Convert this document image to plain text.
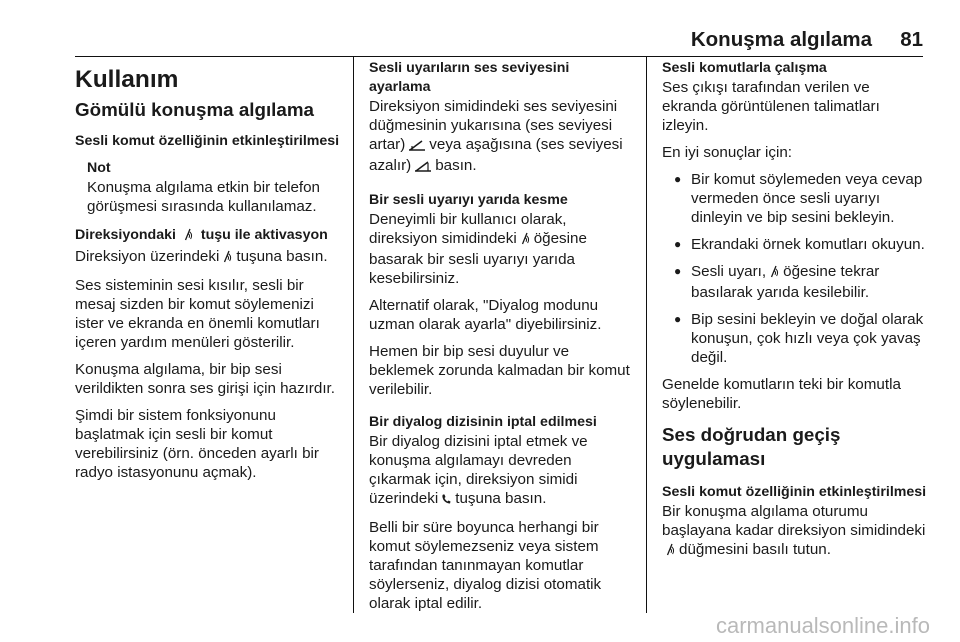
Konuşma algılama 81
Kullanım
Gömülü konuşma algılama
Sesli komut özelliğinin etkinleştirilmesi
Not
Konuşma algılama etkin bir telefon görüşmesi sırasında kullanılamaz.
Direksiyondaki tuşu ile aktivasyon

Direksiyon üzerindeki tuşuna basın.

Ses sisteminin sesi kısılır, sesli bir mesaj sizden bir komut söylemenizi ister ve ekranda en önemli komutları içeren yardım menüleri gösterilir.

Konuşma algılama, bir bip sesi verildikten sonra ses girişi için hazırdır.

Şimdi bir sistem fonksiyonunu başlatmak için sesli bir komut verebilirsiniz (örn. önceden ayarlı bir radyo istasyonunu açmak).

Sesli uyarıların ses seviyesini ayarlama

Direksiyon simidindeki ses seviyesini düğmesinin yukarısına (ses seviyesi artar) veya aşağısına (ses seviyesi azalır) basın.

Bir sesli uyarıyı yarıda kesme

Deneyimli bir kullanıcı olarak, direksiyon simidindeki öğesine basarak bir sesli uyarıyı yarıda kesebilirsiniz.

Alternatif olarak, "Diyalog modunu uzman olarak ayarla" diyebilirsiniz.

Hemen bir bip sesi duyulur ve beklemek zorunda kalmadan bir komut verilebilir.

Bir diyalog dizisinin iptal edilmesi

Bir diyalog dizisini iptal etmek ve konuşma algılamayı devreden çıkarmak için, direksiyon simidi üzerindeki tuşuna basın.

Belli bir süre boyunca herhangi bir komut söylemezseniz veya sistem tarafından tanınmayan komutlar söylerseniz, diyalog dizisi otomatik olarak iptal edilir.

Sesli komutlarla çalışma

Ses çıkışı tarafından verilen ve ekranda görüntülenen talimatları izleyin.

En iyi sonuçlar için:

● Bir komut söylemeden veya cevap vermeden önce sesli uyarıyı dinleyin ve bip sesini bekleyin.
● Ekrandaki örnek komutları okuyun.
● Sesli uyarı, öğesine tekrar basılarak yarıda kesilebilir.
● Bip sesini bekleyin ve doğal olarak konuşun, çok hızlı veya çok yavaş değil.

Genelde komutların teki bir komutla söylenebilir.

Ses doğrudan geçiş uygulaması
Sesli komut özelliğinin etkinleştirilmesi

Bir konuşma algılama oturumu başlayana kadar direksiyon simidindekidüğmesini basılı tutun.

carmanualsonline.info
